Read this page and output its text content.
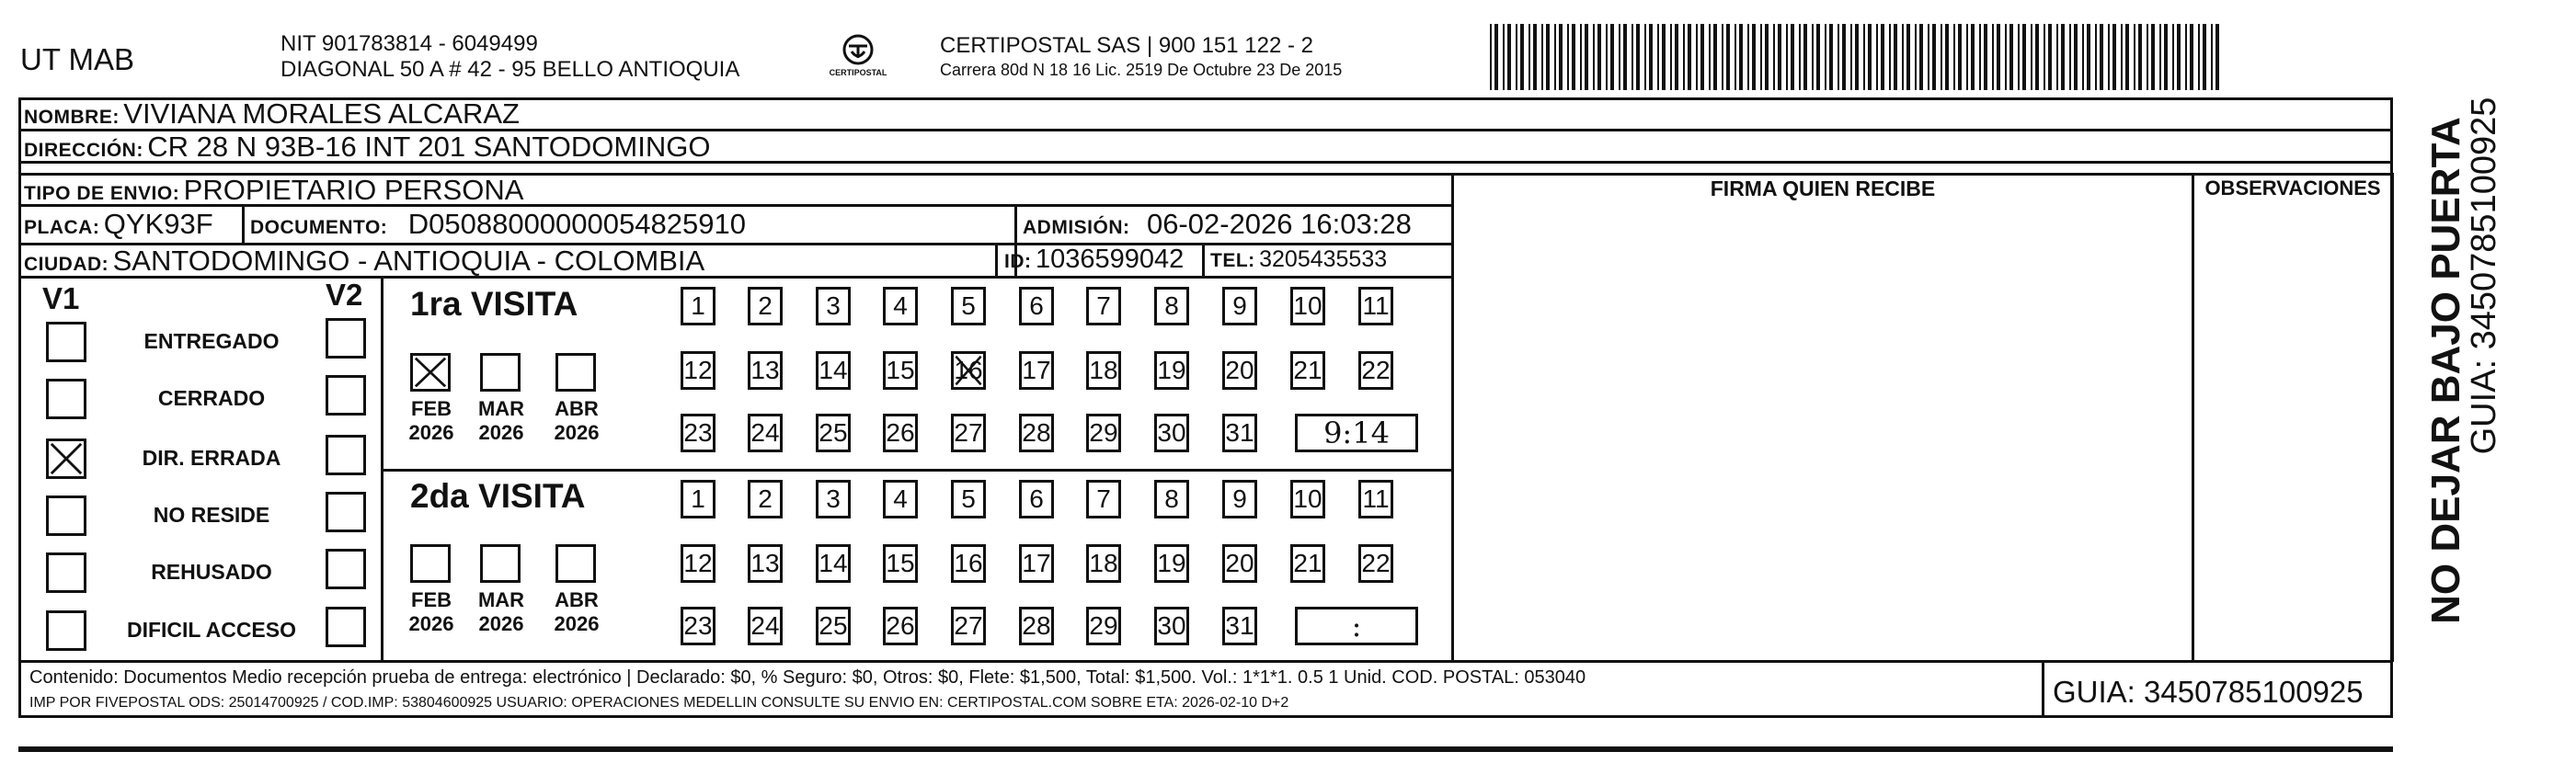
UT MAB	NIT 901783814 - 6049499
DIAGONAL 50 A # 42 - 95 BELLO ANTIOQUIA	CERTIPOSTAL
CERTIPOSTAL SAS | 900 151 122 - 2
Carrera 80d N 18 16 Lic. 2519 De Octubre 23 De 2015
NOMBRE: VIVIANA MORALES ALCARAZ
DIRECCIÓN: CR 28 N 93B-16 INT 201 SANTODOMINGO
TIPO DE ENVIO: PROPIETARIO PERSONA	FIRMA QUIEN RECIBE	OBSERVACIONES
PLACA: QYK93F DOCUMENTO: D05088000000054825910	ADMISIÓN: 06-02-2026 16:03:28
CIUDAD: SANTODOMINGO - ANTIOQUIA - COLOMBIA	ID: 1036599042 TEL: 3205435533
V1	V2
ENTREGADO
CERRADO
DIR. ERRADA
NO RESIDE
REHUSADO
DIFICIL ACCESO
1ra VISITA
2da VISITA
1 2 3 4 5 6 7 8 9 10 11
12 13 14 15 16 17 18 19 20 21 22
23 24 25 26 27 28 29 30 31 9:14
FEB
2026
MAR
2026
ABR
2026
1 2 3 4 5 6 7 8 9 10 11
12 13 14 15 16 17 18 19 20 21 22
23 24 25 26 27 28 29 30 31	:
FEB
2026
MAR
2026
ABR
2026
Contenido: Documentos Medio recepción prueba de entrega: electrónico | Declarado: $0, % Seguro: $0, Otros: $0, Flete: $1,500, Total: $1,500. Vol.: 1*1*1. 0.5 1 Unid. COD. POSTAL: 053040
IMP POR FIVEPOSTAL ODS: 25014700925 / COD.IMP: 53804600925 USUARIO: OPERACIONES MEDELLIN CONSULTE SU ENVIO EN: CERTIPOSTAL.COM SOBRE ETA: 2026-02-10 D+2	GUIA: 3450785100925
NO DEJAR BAJO PUERTA
GUIA: 3450785100925
